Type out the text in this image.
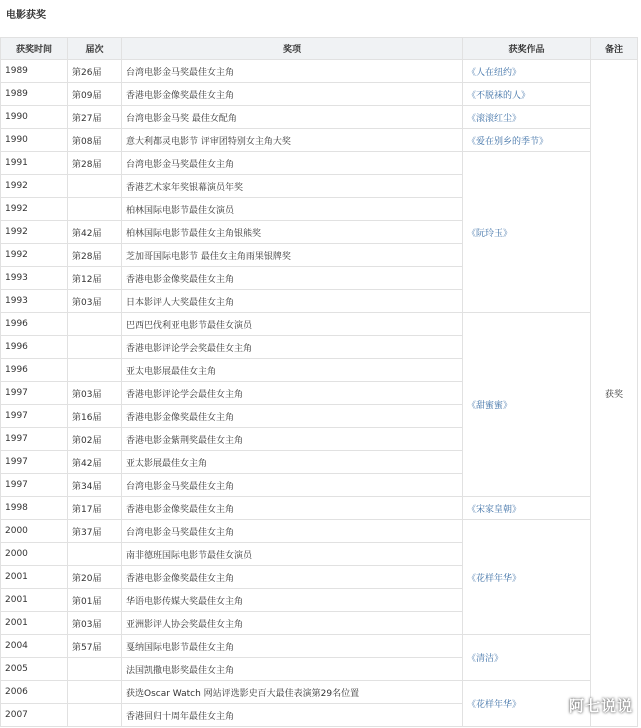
电影获奖
获奖时间	届次	奖项	获奖作品	备注
1989	第26届	台湾电影金马奖最佳女主角	《人在纽约》	获奖
1989	第09届	香港电影金像奖最佳女主角	《不脱袜的人》	
1990	第27届	台湾电影金马奖 最佳女配角	《滚滚红尘》	
1990	第08届	意大利都灵电影节 评审团特别女主角大奖	《爱在别乡的季节》	
1991	第28届	台湾电影金马奖最佳女主角	《阮玲玉》	
1992		香港艺术家年奖银幕演员年奖		
1992		柏林国际电影节最佳女演员		
1992	第42届	柏林国际电影节最佳女主角银熊奖		
1992	第28届	芝加哥国际电影节 最佳女主角雨果银牌奖		
1993	第12届	香港电影金像奖最佳女主角		
1993	第03届	日本影评人大奖最佳女主角		
1996		巴西巴伐利亚电影节最佳女演员	《甜蜜蜜》	
1996		香港电影评论学会奖最佳女主角		
1996		亚太电影展最佳女主角		
1997	第03届	香港电影评论学会最佳女主角		
1997	第16届	香港电影金像奖最佳女主角		
1997	第02届	香港电影金紫荆奖最佳女主角		
1997	第42届	亚太影展最佳女主角		
1997	第34届	台湾电影金马奖最佳女主角		
1998	第17届	香港电影金像奖最佳女主角	《宋家皇朝》	
2000	第37届	台湾电影金马奖最佳女主角	《花样年华》	
2000		南非德班国际电影节最佳女演员		
2001	第20届	香港电影金像奖最佳女主角		
2001	第01届	华语电影传媒大奖最佳女主角		
2001	第03届	亚洲影评人协会奖最佳女主角		
2004	第57届	戛纳国际电影节最佳女主角	《清洁》	
2005		法国凯撒电影奖最佳女主角		
2006		获选Oscar Watch 网站评选影史百大最佳表演第29名位置	《花样年华》	
2007		香港回归十周年最佳女主角		
阿七说说
